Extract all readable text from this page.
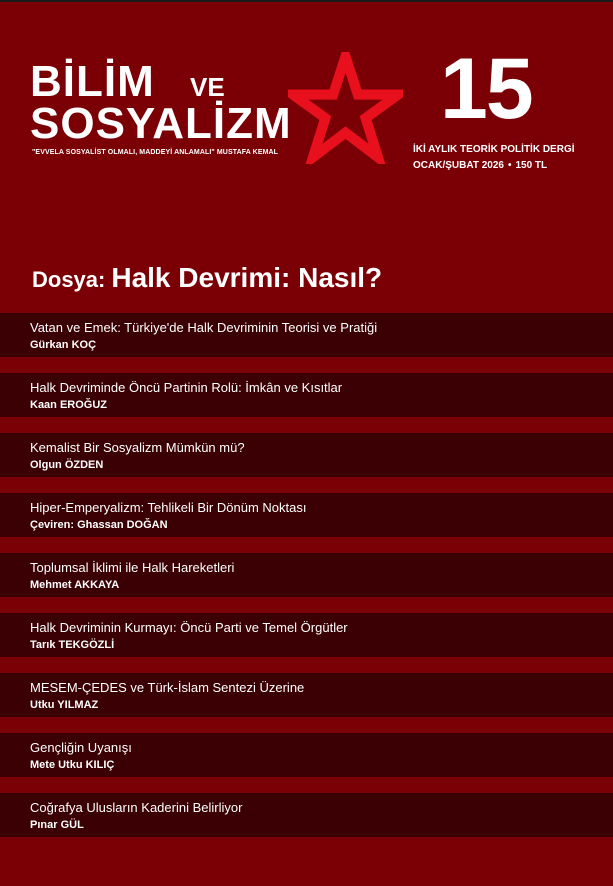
BİLİM VE
SOSYALİZM
"EVVELA SOSYALİST OLMALI, MADDEYİ ANLAMALI" MUSTAFA KEMAL
15
İKİ AYLIK TEORİK POLİTİK DERGİ
OCAK/ŞUBAT 2026 • 150 TL
Dosya: Halk Devrimi: Nasıl?
Vatan ve Emek: Türkiye'de Halk Devriminin Teorisi ve Pratiği
Gürkan KOÇ
Halk Devriminde Öncü Partinin Rolü: İmkân ve Kısıtlar
Kaan EROĞUZ
Kemalist Bir Sosyalizm Mümkün mü?
Olgun ÖZDEN
Hiper-Emperyalizm: Tehlikeli Bir Dönüm Noktası
Çeviren: Ghassan DOĞAN
Toplumsal İklimi ile Halk Hareketleri
Mehmet AKKAYA
Halk Devriminin Kurmayı: Öncü Parti ve Temel Örgütler
Tarık TEKGÖZLİ
MESEM-ÇEDES ve Türk-İslam Sentezi Üzerine
Utku YILMAZ
Gençliğin Uyanışı
Mete Utku KILIÇ
Coğrafya Ulusların Kaderini Belirliyor
Pınar GÜL
